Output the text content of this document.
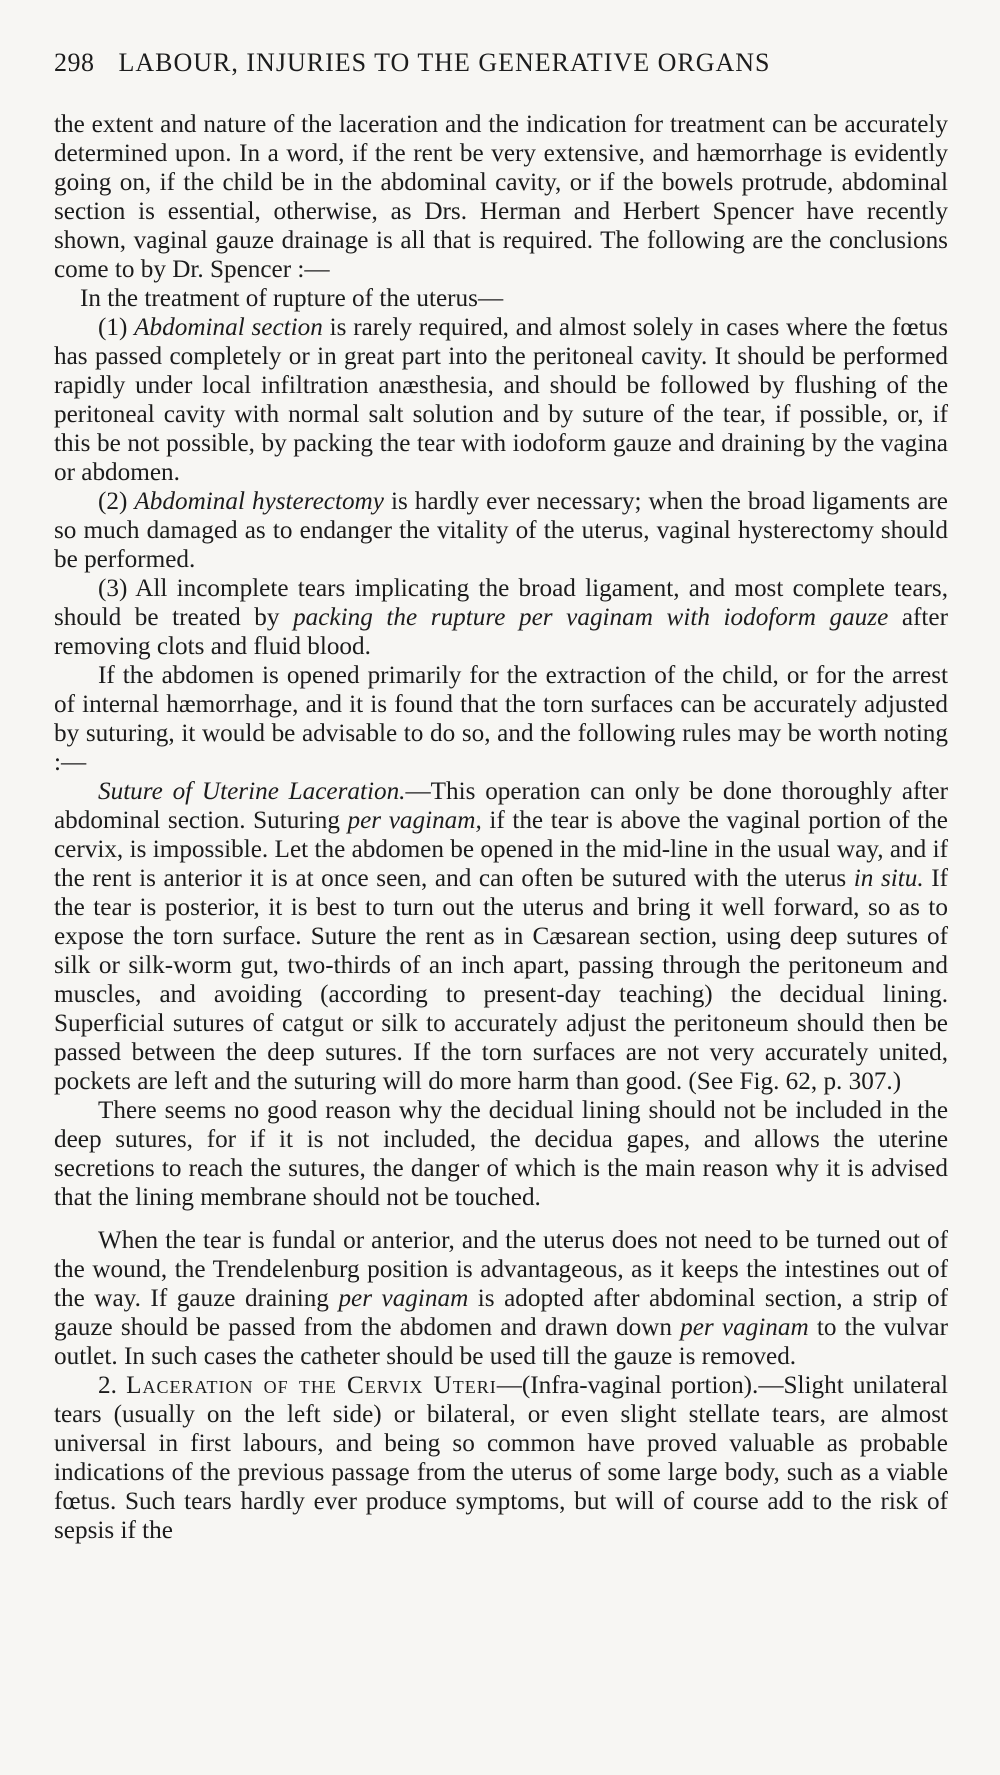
298 LABOUR, INJURIES TO THE GENERATIVE ORGANS

the extent and nature of the laceration and the indication for treatment can be accurately determined upon. In a word, if the rent be very extensive, and hæmorrhage is evidently going on, if the child be in the abdominal cavity, or if the bowels protrude, abdominal section is essential, otherwise, as Drs. Herman and Herbert Spencer have recently shown, vaginal gauze drainage is all that is required. The following are the conclusions come to by Dr. Spencer :—

In the treatment of rupture of the uterus—

(1) Abdominal section is rarely required, and almost solely in cases where the fœtus has passed completely or in great part into the peritoneal cavity. It should be performed rapidly under local infiltration anæsthesia, and should be followed by flushing of the peritoneal cavity with normal salt solution and by suture of the tear, if possible, or, if this be not possible, by packing the tear with iodoform gauze and draining by the vagina or abdomen.

(2) Abdominal hysterectomy is hardly ever necessary; when the broad ligaments are so much damaged as to endanger the vitality of the uterus, vaginal hysterectomy should be performed.

(3) All incomplete tears implicating the broad ligament, and most complete tears, should be treated by packing the rupture per vaginam with iodoform gauze after removing clots and fluid blood.

If the abdomen is opened primarily for the extraction of the child, or for the arrest of internal hæmorrhage, and it is found that the torn surfaces can be accurately adjusted by suturing, it would be advisable to do so, and the following rules may be worth noting :—

Suture of Uterine Laceration.—This operation can only be done thoroughly after abdominal section. Suturing per vaginam, if the tear is above the vaginal portion of the cervix, is impossible. Let the abdomen be opened in the mid-line in the usual way, and if the rent is anterior it is at once seen, and can often be sutured with the uterus in situ. If the tear is posterior, it is best to turn out the uterus and bring it well forward, so as to expose the torn surface. Suture the rent as in Cæsarean section, using deep sutures of silk or silk-worm gut, two-thirds of an inch apart, passing through the peritoneum and muscles, and avoiding (according to present-day teaching) the decidual lining. Superficial sutures of catgut or silk to accurately adjust the peritoneum should then be passed between the deep sutures. If the torn surfaces are not very accurately united, pockets are left and the suturing will do more harm than good. (See Fig. 62, p. 307.)

There seems no good reason why the decidual lining should not be included in the deep sutures, for if it is not included, the decidua gapes, and allows the uterine secretions to reach the sutures, the danger of which is the main reason why it is advised that the lining membrane should not be touched.

When the tear is fundal or anterior, and the uterus does not need to be turned out of the wound, the Trendelenburg position is advantageous, as it keeps the intestines out of the way. If gauze draining per vaginam is adopted after abdominal section, a strip of gauze should be passed from the abdomen and drawn down per vaginam to the vulvar outlet. In such cases the catheter should be used till the gauze is removed.

2. Laceration of the Cervix Uteri—(Infra-vaginal portion).—Slight unilateral tears (usually on the left side) or bilateral, or even slight stellate tears, are almost universal in first labours, and being so common have proved valuable as probable indications of the previous passage from the uterus of some large body, such as a viable fœtus. Such tears hardly ever produce symptoms, but will of course add to the risk of sepsis if the
